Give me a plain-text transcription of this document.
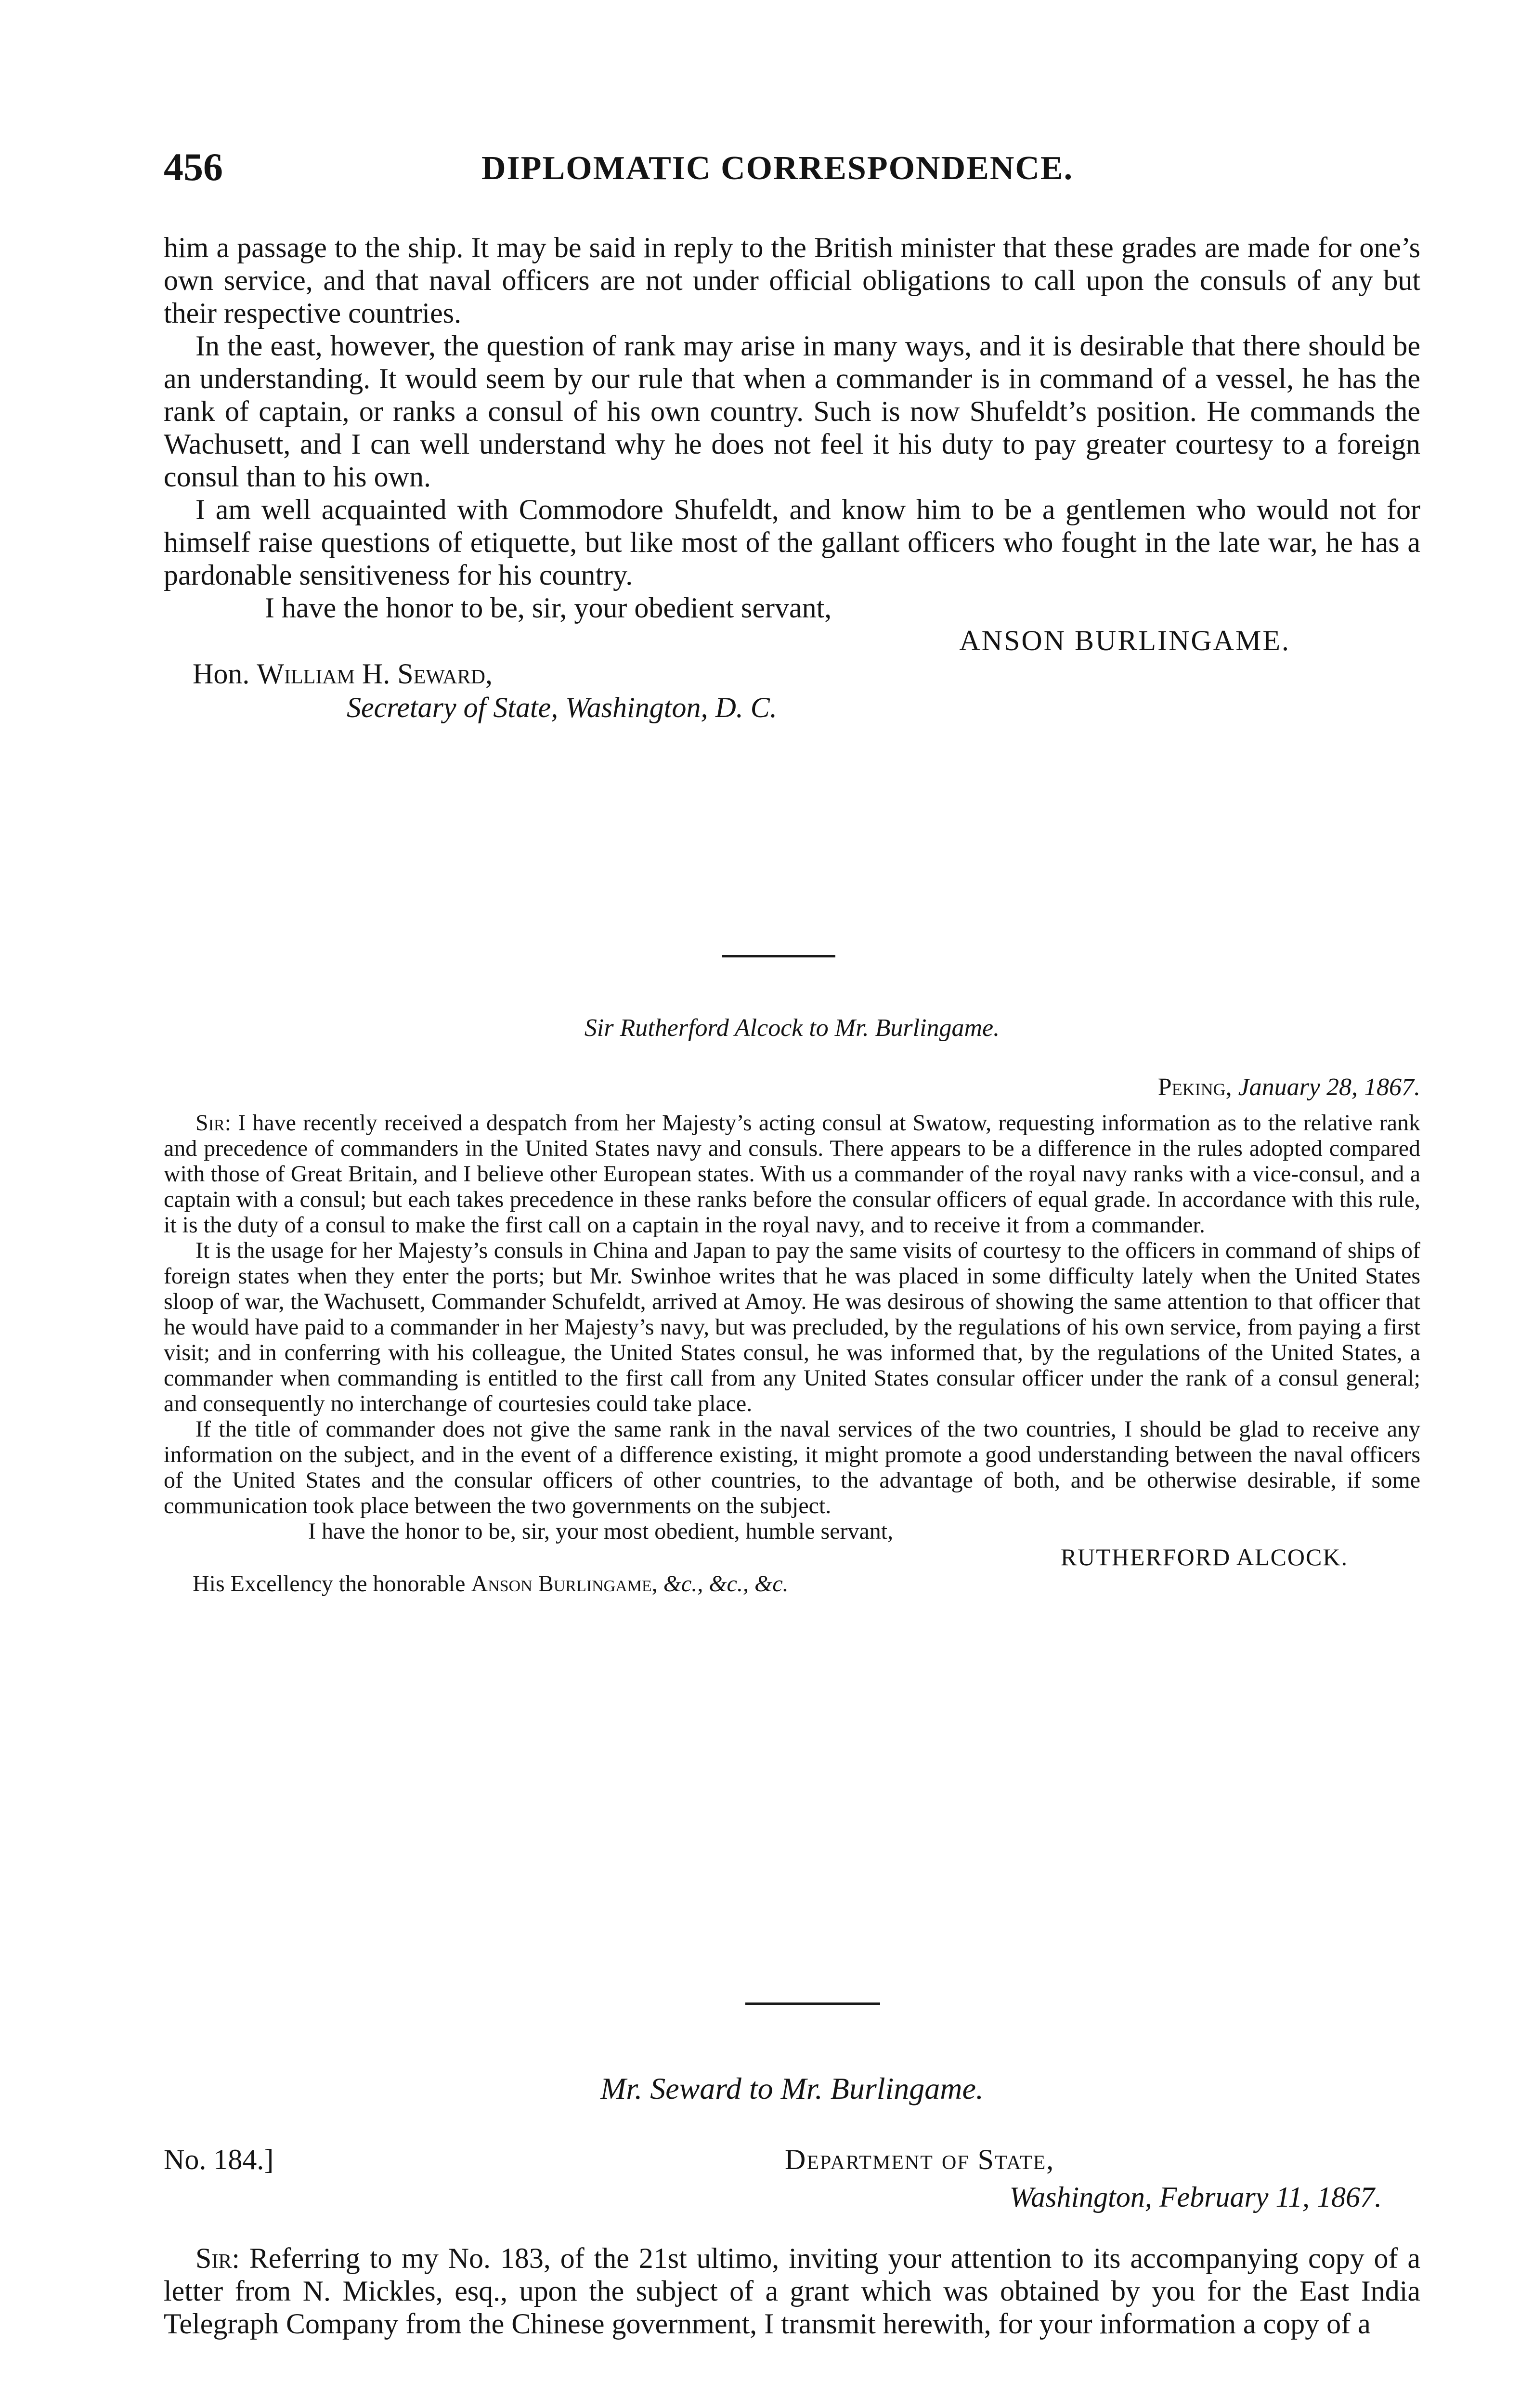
456	DIPLOMATIC CORRESPONDENCE.

him a passage to the ship. It may be said in reply to the British minister that these grades are made for one’s own service, and that naval officers are not under official obligations to call upon the consuls of any but their respective countries.

In the east, however, the question of rank may arise in many ways, and it is desirable that there should be an understanding. It would seem by our rule that when a commander is in command of a vessel, he has the rank of captain, or ranks a consul of his own country. Such is now Shufeldt’s position. He commands the Wachusett, and I can well understand why he does not feel it his duty to pay greater courtesy to a foreign consul than to his own.

I am well acquainted with Commodore Shufeldt, and know him to be a gentlemen who would not for himself raise questions of etiquette, but like most of the gallant officers who fought in the late war, he has a pardonable sensitiveness for his country.

I have the honor to be, sir, your obedient servant,
ANSON BURLINGAME.
Hon. William H. Seward,
Secretary of State, Washington, D. C.
Sir Rutherford Alcock to Mr. Burlingame.
Peking, January 28, 1867.

Sir: I have recently received a despatch from her Majesty’s acting consul at Swatow, requesting information as to the relative rank and precedence of commanders in the United States navy and consuls. There appears to be a difference in the rules adopted compared with those of Great Britain, and I believe other European states. With us a commander of the royal navy ranks with a vice-consul, and a captain with a consul; but each takes precedence in these ranks before the consular officers of equal grade. In accordance with this rule, it is the duty of a consul to make the first call on a captain in the royal navy, and to receive it from a commander.

It is the usage for her Majesty’s consuls in China and Japan to pay the same visits of courtesy to the officers in command of ships of foreign states when they enter the ports; but Mr. Swinhoe writes that he was placed in some difficulty lately when the United States sloop of war, the Wachusett, Commander Schufeldt, arrived at Amoy. He was desirous of showing the same attention to that officer that he would have paid to a commander in her Majesty’s navy, but was precluded, by the regulations of his own service, from paying a first visit; and in conferring with his colleague, the United States consul, he was informed that, by the regulations of the United States, a commander when commanding is entitled to the first call from any United States consular officer under the rank of a consul general; and consequently no interchange of courtesies could take place.

If the title of commander does not give the same rank in the naval services of the two countries, I should be glad to receive any information on the subject, and in the event of a difference existing, it might promote a good understanding between the naval officers of the United States and the consular officers of other countries, to the advantage of both, and be otherwise desirable, if some communication took place between the two governments on the subject.

I have the honor to be, sir, your most obedient, humble servant,
RUTHERFORD ALCOCK.
His Excellency the honorable Anson Burlingame, &c., &c., &c.
Mr. Seward to Mr. Burlingame.
No. 184.]	Department of State,
Washington, February 11, 1867.

Sir: Referring to my No. 183, of the 21st ultimo, inviting your attention to its accompanying copy of a letter from N. Mickles, esq., upon the subject of a grant which was obtained by you for the East India Telegraph Company from the Chinese government, I transmit herewith, for your information a copy of a
